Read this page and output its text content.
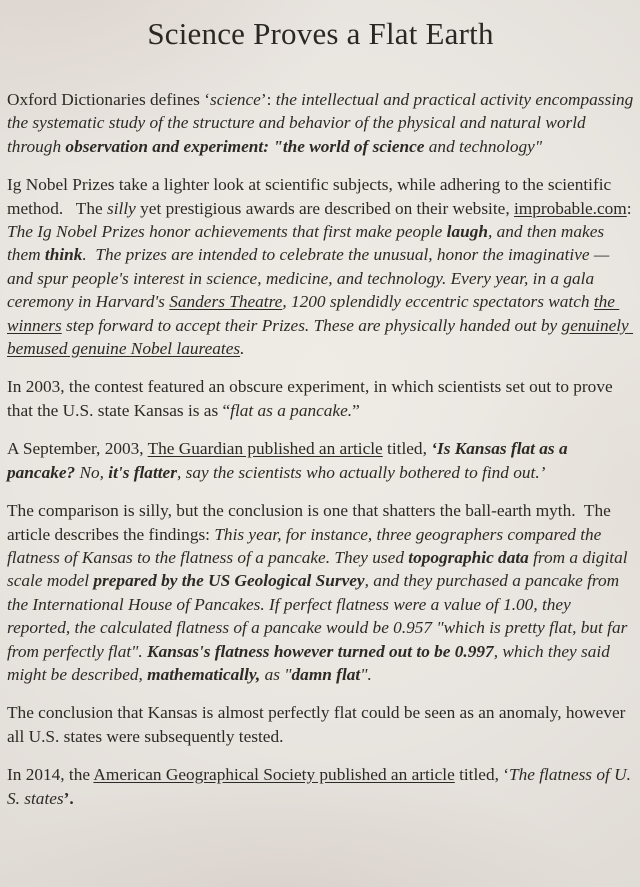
Science Proves a Flat Earth

Oxford Dictionaries defines ‘science’: the intellectual and practical activity encompassing the systematic study of the structure and behavior of the physical and natural world through observation and experiment: "the world of science and technology"

Ig Nobel Prizes take a lighter look at scientific subjects, while adhering to the scientific method.   The silly yet prestigious awards are described on their website, improbable.com: The Ig Nobel Prizes honor achievements that first make people laugh, and then makes them think.  The prizes are intended to celebrate the unusual, honor the imaginative — and spur people's interest in science, medicine, and technology. Every year, in a gala ceremony in Harvard's Sanders Theatre, 1200 splendidly eccentric spectators watch the winners step forward to accept their Prizes. These are physically handed out by genuinely bemused genuine Nobel laureates.

In 2003, the contest featured an obscure experiment, in which scientists set out to prove that the U.S. state Kansas is as “flat as a pancake.”

A September, 2003, The Guardian published an article titled, ‘Is Kansas flat as a pancake? No, it's flatter, say the scientists who actually bothered to find out.’

The comparison is silly, but the conclusion is one that shatters the ball-earth myth.  The article describes the findings: This year, for instance, three geographers compared the flatness of Kansas to the flatness of a pancake. They used topographic data from a digital scale model prepared by the US Geological Survey, and they purchased a pancake from the International House of Pancakes. If perfect flatness were a value of 1.00, they reported, the calculated flatness of a pancake would be 0.957 "which is pretty flat, but far from perfectly flat". Kansas's flatness however turned out to be 0.997, which they said might be described, mathematically, as "damn flat".

The conclusion that Kansas is almost perfectly flat could be seen as an anomaly, however all U.S. states were subsequently tested.

In 2014, the American Geographical Society published an article titled, ‘The flatness of U. S. states’.
